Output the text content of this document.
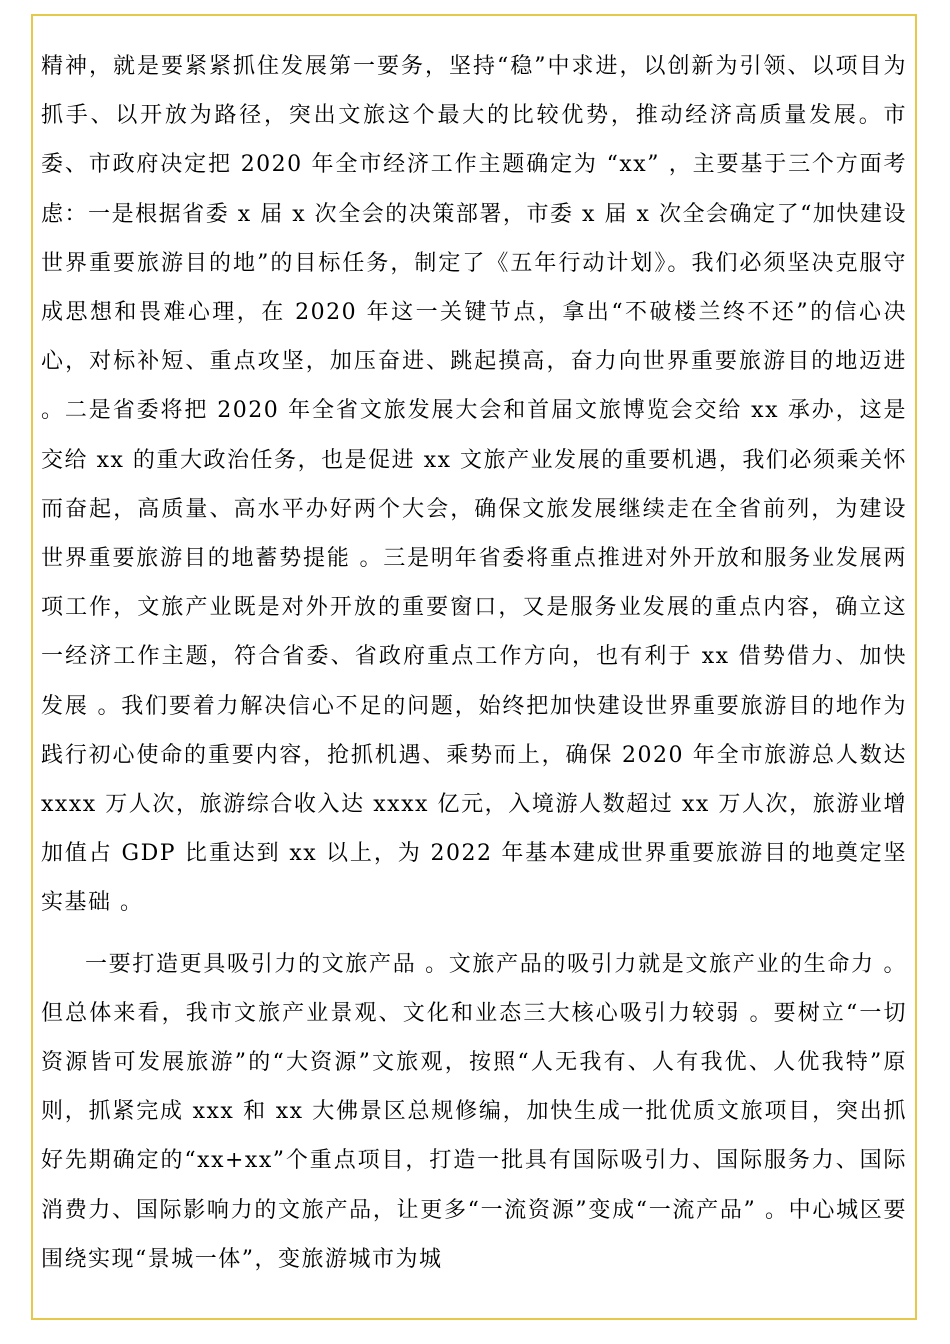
精神，就是要紧紧抓住发展第一要务，坚持“稳”中求进，以创新为引领、以项目为抓手、以开放为路径，突出文旅这个最大的比较优势，推动经济高质量发展。市委、市政府决定把 2020 年全市经济工作主题确定为 “xx” ，主要基于三个方面考虑：一是根据省委 x 届 x 次全会的决策部署，市委 x 届 x 次全会确定了“加快建设世界重要旅游目的地”的目标任务，制定了《五年行动计划》。我们必须坚决克服守成思想和畏难心理，在 2020 年这一关键节点，拿出“不破楼兰终不还”的信心决心，对标补短、重点攻坚，加压奋进、跳起摸高，奋力向世界重要旅游目的地迈进 。二是省委将把 2020 年全省文旅发展大会和首届文旅博览会交给 xx 承办，这是交给 xx 的重大政治任务，也是促进 xx 文旅产业发展的重要机遇，我们必须乘关怀而奋起，高质量、高水平办好两个大会，确保文旅发展继续走在全省前列，为建设世界重要旅游目的地蓄势提能 。三是明年省委将重点推进对外开放和服务业发展两项工作，文旅产业既是对外开放的重要窗口，又是服务业发展的重点内容，确立这一经济工作主题，符合省委、省政府重点工作方向，也有利于 xx 借势借力、加快发展 。我们要着力解决信心不足的问题，始终把加快建设世界重要旅游目的地作为践行初心使命的重要内容，抢抓机遇、乘势而上，确保 2020 年全市旅游总人数达 xxxx 万人次，旅游综合收入达 xxxx 亿元，入境游人数超过 xx 万人次，旅游业增加值占 GDP 比重达到 xx 以上，为 2022 年基本建成世界重要旅游目的地奠定坚实基础 。

一要打造更具吸引力的文旅产品 。文旅产品的吸引力就是文旅产业的生命力 。但总体来看，我市文旅产业景观、文化和业态三大核心吸引力较弱 。要树立“一切资源皆可发展旅游”的“大资源”文旅观，按照“人无我有、人有我优、人优我特”原则，抓紧完成 xxx 和 xx 大佛景区总规修编，加快生成一批优质文旅项目，突出抓好先期确定的“xx+xx”个重点项目，打造一批具有国际吸引力、国际服务力、国际消费力、国际影响力的文旅产品，让更多“一流资源”变成“一流产品” 。中心城区要围绕实现“景城一体”，变旅游城市为城
